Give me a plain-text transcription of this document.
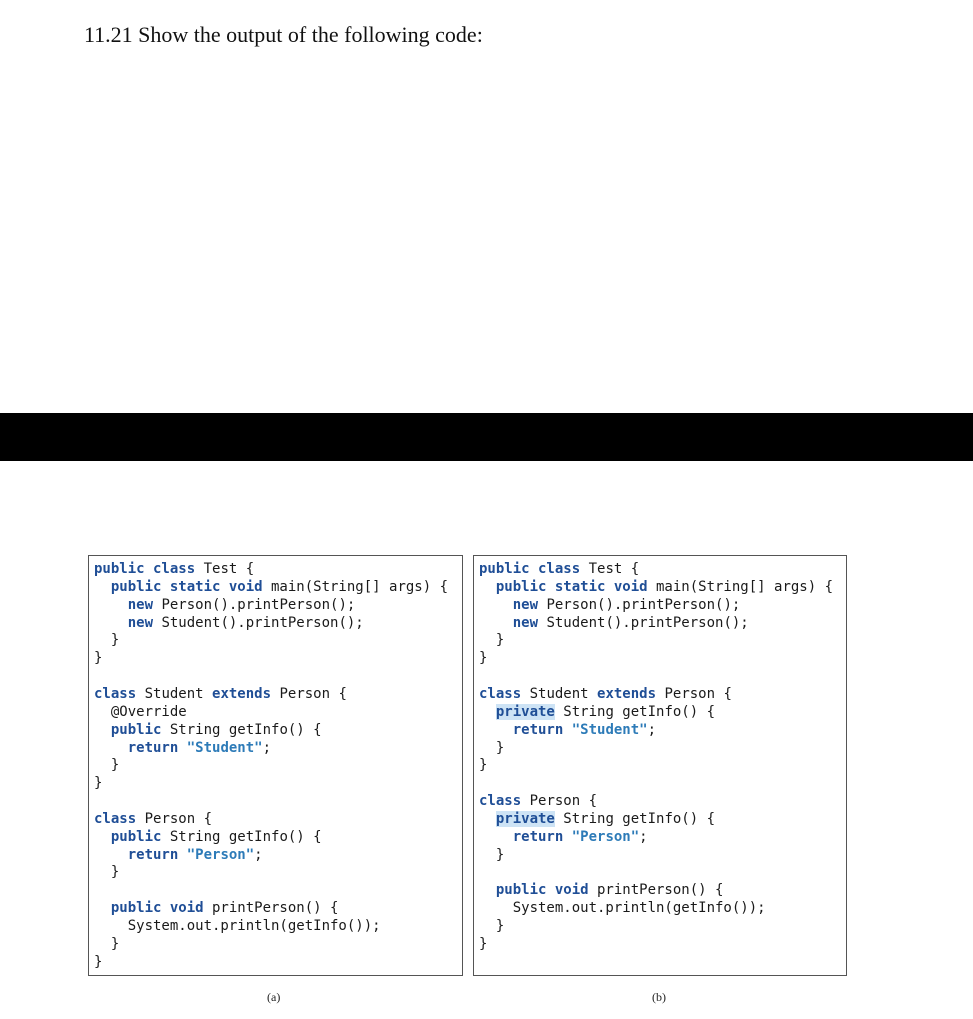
11.21 Show the output of the following code:
public class Test {
public static void main(String[] args) {
new Person().printPerson();
new Student().printPerson();
}
}
class Student extends Person {
@Override
public String getInfo() {
return "Student";
}
}
class Person {
public String getInfo() {
return "Person";
}
public void printPerson() {
System.out.println(getInfo());
}
}
public class Test {
public static void main(String[] args) {
new Person().printPerson();
new Student().printPerson();
}
}
class Student extends Person {
private String getInfo() {
return "Student";
}
}
class Person {
private String getInfo() {
return "Person";
}
public void printPerson() {
System.out.println(getInfo());
}
}
(a)	(b)
